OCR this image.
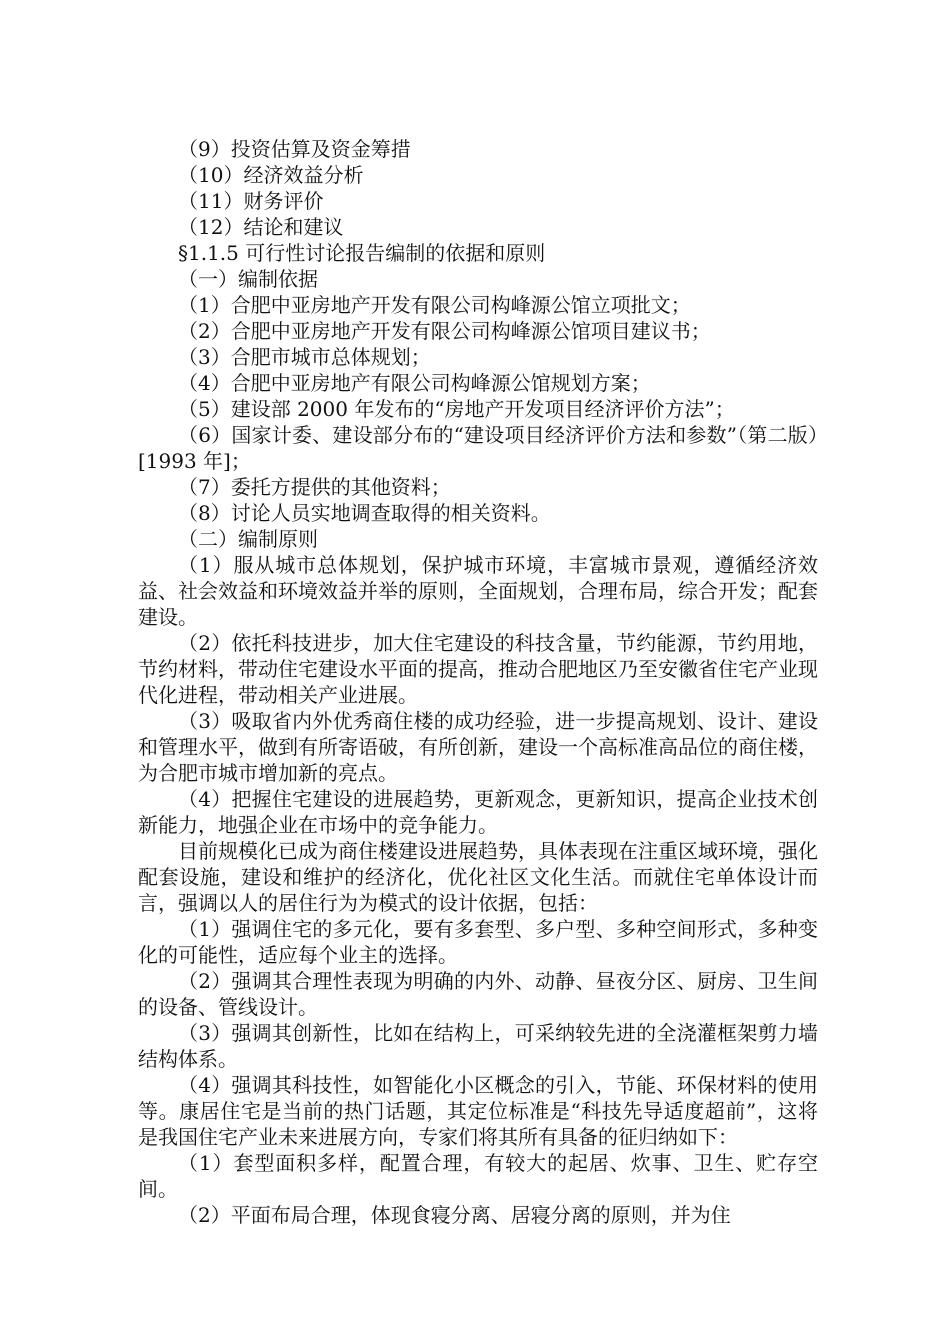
（9）投资估算及资金筹措

（10）经济效益分析

（11）财务评价

（12）结论和建议

§1.1.5 可行性讨论报告编制的依据和原则

（一）编制依据

（1）合肥中亚房地产开发有限公司构峰源公馆立项批文；

（2）合肥中亚房地产开发有限公司构峰源公馆项目建议书；

（3）合肥市城市总体规划；

（4）合肥中亚房地产有限公司构峰源公馆规划方案；

（5）建设部 2000 年发布的“房地产开发项目经济评价方法”；

（6）国家计委、建设部分布的“建设项目经济评价方法和参数”（第二版）[1993 年]；

（7）委托方提供的其他资料；

（8）讨论人员实地调查取得的相关资料。

（二）编制原则

（1）服从城市总体规划，保护城市环境，丰富城市景观，遵循经济效益、社会效益和环境效益并举的原则，全面规划，合理布局，综合开发；配套建设。

（2）依托科技进步，加大住宅建设的科技含量，节约能源，节约用地，节约材料，带动住宅建设水平面的提高，推动合肥地区乃至安徽省住宅产业现代化进程，带动相关产业进展。

（3）吸取省内外优秀商住楼的成功经验，进一步提高规划、设计、建设和管理水平，做到有所寄语破，有所创新，建设一个高标准高品位的商住楼，为合肥市城市增加新的亮点。

（4）把握住宅建设的进展趋势，更新观念，更新知识，提高企业技术创新能力，地强企业在市场中的竞争能力。

目前规模化已成为商住楼建设进展趋势，具体表现在注重区域环境，强化配套设施，建设和维护的经济化，优化社区文化生活。而就住宅单体设计而言，强调以人的居住行为为模式的设计依据，包括：

（1）强调住宅的多元化，要有多套型、多户型、多种空间形式，多种变化的可能性，适应每个业主的选择。

（2）强调其合理性表现为明确的内外、动静、昼夜分区、厨房、卫生间的设备、管线设计。

（3）强调其创新性，比如在结构上，可采纳较先进的全浇灌框架剪力墙结构体系。

（4）强调其科技性，如智能化小区概念的引入，节能、环保材料的使用等。康居住宅是当前的热门话题，其定位标准是“科技先导适度超前”，这将是我国住宅产业未来进展方向，专家们将其所有具备的征归纳如下：

（1）套型面积多样，配置合理，有较大的起居、炊事、卫生、贮存空间。

（2）平面布局合理，体现食寝分离、居寝分离的原则，并为住
